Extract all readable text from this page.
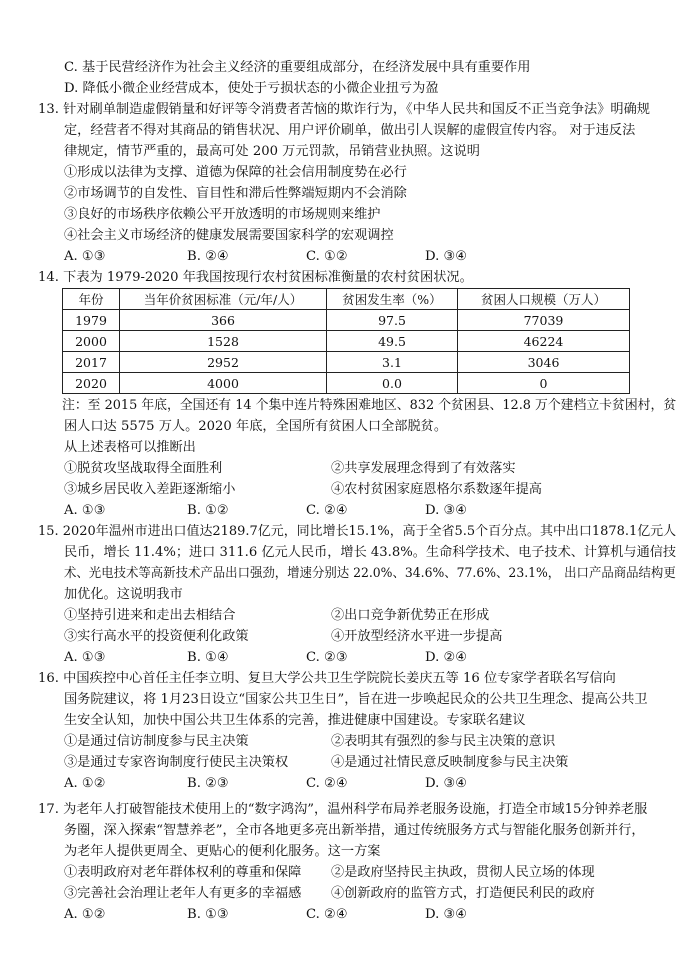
C. 基于民营经济作为社会主义经济的重要组成部分，在经济发展中具有重要作用
D. 降低小微企业经营成本，使处于亏损状态的小微企业扭亏为盈
13. 针对刷单制造虚假销量和好评等令消费者苦恼的欺诈行为，《中华人民共和国反不正当竞争法》明确规
定，经营者不得对其商品的销售状况、用户评价刷单，做出引人误解的虚假宣传内容。 对于违反法
律规定，情节严重的，最高可处 200 万元罚款，吊销营业执照。这说明
①形成以法律为支撑、道德为保障的社会信用制度势在必行
②市场调节的自发性、盲目性和滞后性弊端短期内不会消除
③良好的市场秩序依赖公平开放透明的市场规则来维护
④社会主义市场经济的健康发展需要国家科学的宏观调控
A. ①③	B. ②④	C. ①②	D. ③④
14. 下表为 1979-2020 年我国按现行农村贫困标准衡量的农村贫困状况。
年份	当年价贫困标准（元/年/人）	贫困发生率（%）	贫困人口规模（万人）
1979	366	97.5	77039
2000	1528	49.5	46224
2017	2952	3.1	3046
2020	4000	0.0	0
注：至 2015 年底，全国还有 14 个集中连片特殊困难地区、832 个贫困县、12.8 万个建档立卡贫困村，贫
困人口达 5575 万人。2020 年底，全国所有贫困人口全部脱贫。
从上述表格可以推断出
①脱贫攻坚战取得全面胜利	②共享发展理念得到了有效落实
③城乡居民收入差距逐渐缩小	④农村贫困家庭恩格尔系数逐年提高
A. ①③	B. ①②	C. ②④	D. ③④
15. 2020年温州市进出口值达2189.7亿元，同比增长15.1%，高于全省5.5个百分点。其中出口1878.1亿元人
民币，增长 11.4%；进口 311.6 亿元人民币，增长 43.8%。生命科学技术、电子技术、计算机与通信技
术、光电技术等高新技术产品出口强劲，增速分别达 22.0%、34.6%、77.6%、23.1%， 出口产品商品结构更
加优化。这说明我市
①坚持引进来和走出去相结合	②出口竞争新优势正在形成
③实行高水平的投资便利化政策	④开放型经济水平进一步提高
A. ①③	B. ①④	C. ②③	D. ②④
16. 中国疾控中心首任主任李立明、复旦大学公共卫生学院院长姜庆五等 16 位专家学者联名写信向
国务院建议，将 1月23日设立“国家公共卫生日”，旨在进一步唤起民众的公共卫生理念、提高公共卫
生安全认知，加快中国公共卫生体系的完善，推进健康中国建设。专家联名建议
①是通过信访制度参与民主决策	②表明其有强烈的参与民主决策的意识
③是通过专家咨询制度行使民主决策权	④是通过社情民意反映制度参与民主决策
A. ①②	B. ②③	C. ②④	D. ③④
17. 为老年人打破智能技术使用上的“数字鸿沟”，温州科学布局养老服务设施，打造全市域15分钟养老服
务圈，深入探索“智慧养老”，全市各地更多亮出新举措，通过传统服务方式与智能化服务创新并行，
为老年人提供更周全、更贴心的便利化服务。这一方案
①表明政府对老年群体权利的尊重和保障 ②是政府坚持民主执政，贯彻人民立场的体现
③完善社会治理让老年人有更多的幸福感 ④创新政府的监管方式，打造便民利民的政府
A. ①②	B. ①③	C. ②④	D. ③④
